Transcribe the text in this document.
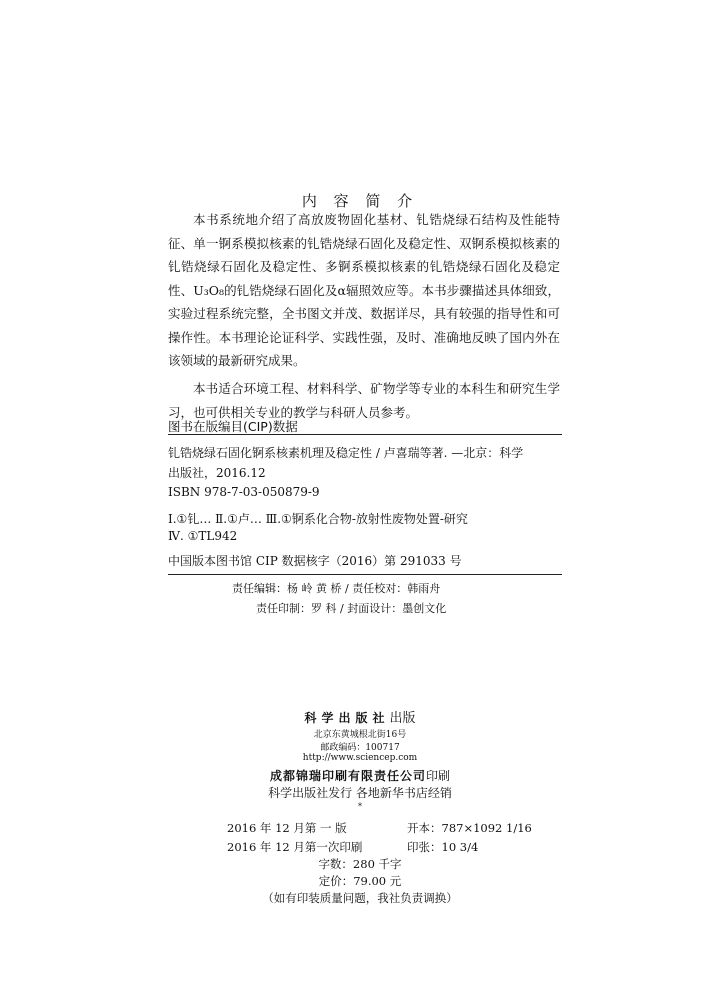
内 容 简 介

本书系统地介绍了高放废物固化基材、钆锆烧绿石结构及性能特征、单一锕系模拟核素的钆锆烧绿石固化及稳定性、双锕系模拟核素的钆锆烧绿石固化及稳定性、多锕系模拟核素的钆锆烧绿石固化及稳定性、U₃O₈的钆锆烧绿石固化及α辐照效应等。本书步骤描述具体细致，实验过程系统完整，全书图文并茂、数据详尽，具有较强的指导性和可操作性。本书理论论证科学、实践性强，及时、准确地反映了国内外在该领域的最新研究成果。

本书适合环境工程、材料科学、矿物学等专业的本科生和研究生学习，也可供相关专业的教学与科研人员参考。

图书在版编目(CIP)数据
钆锆烧绿石固化锕系核素机理及稳定性 / 卢喜瑞等著. —北京：科学
出版社，2016.12
ISBN 978-7-03-050879-9
Ⅰ.①钆… Ⅱ.①卢… Ⅲ.①锕系化合物-放射性废物处置-研究
Ⅳ. ①TL942
中国版本图书馆 CIP 数据核字（2016）第 291033 号
责任编辑：杨 岭 黄 桥 / 责任校对：韩雨舟
责任印制：罗 科 / 封面设计：墨创文化
科学出版社出版
北京东黄城根北街16号
邮政编码：100717
http://www.sciencep.com
成都锦瑞印刷有限责任公司印刷
科学出版社发行 各地新华书店经销
*
2016 年 12 月第 一 版	开本：787×1092 1/16
2016 年 12 月第一次印刷	印张：10 3/4
字数：280 千字
定价：79.00 元
（如有印装质量问题，我社负责调换）
